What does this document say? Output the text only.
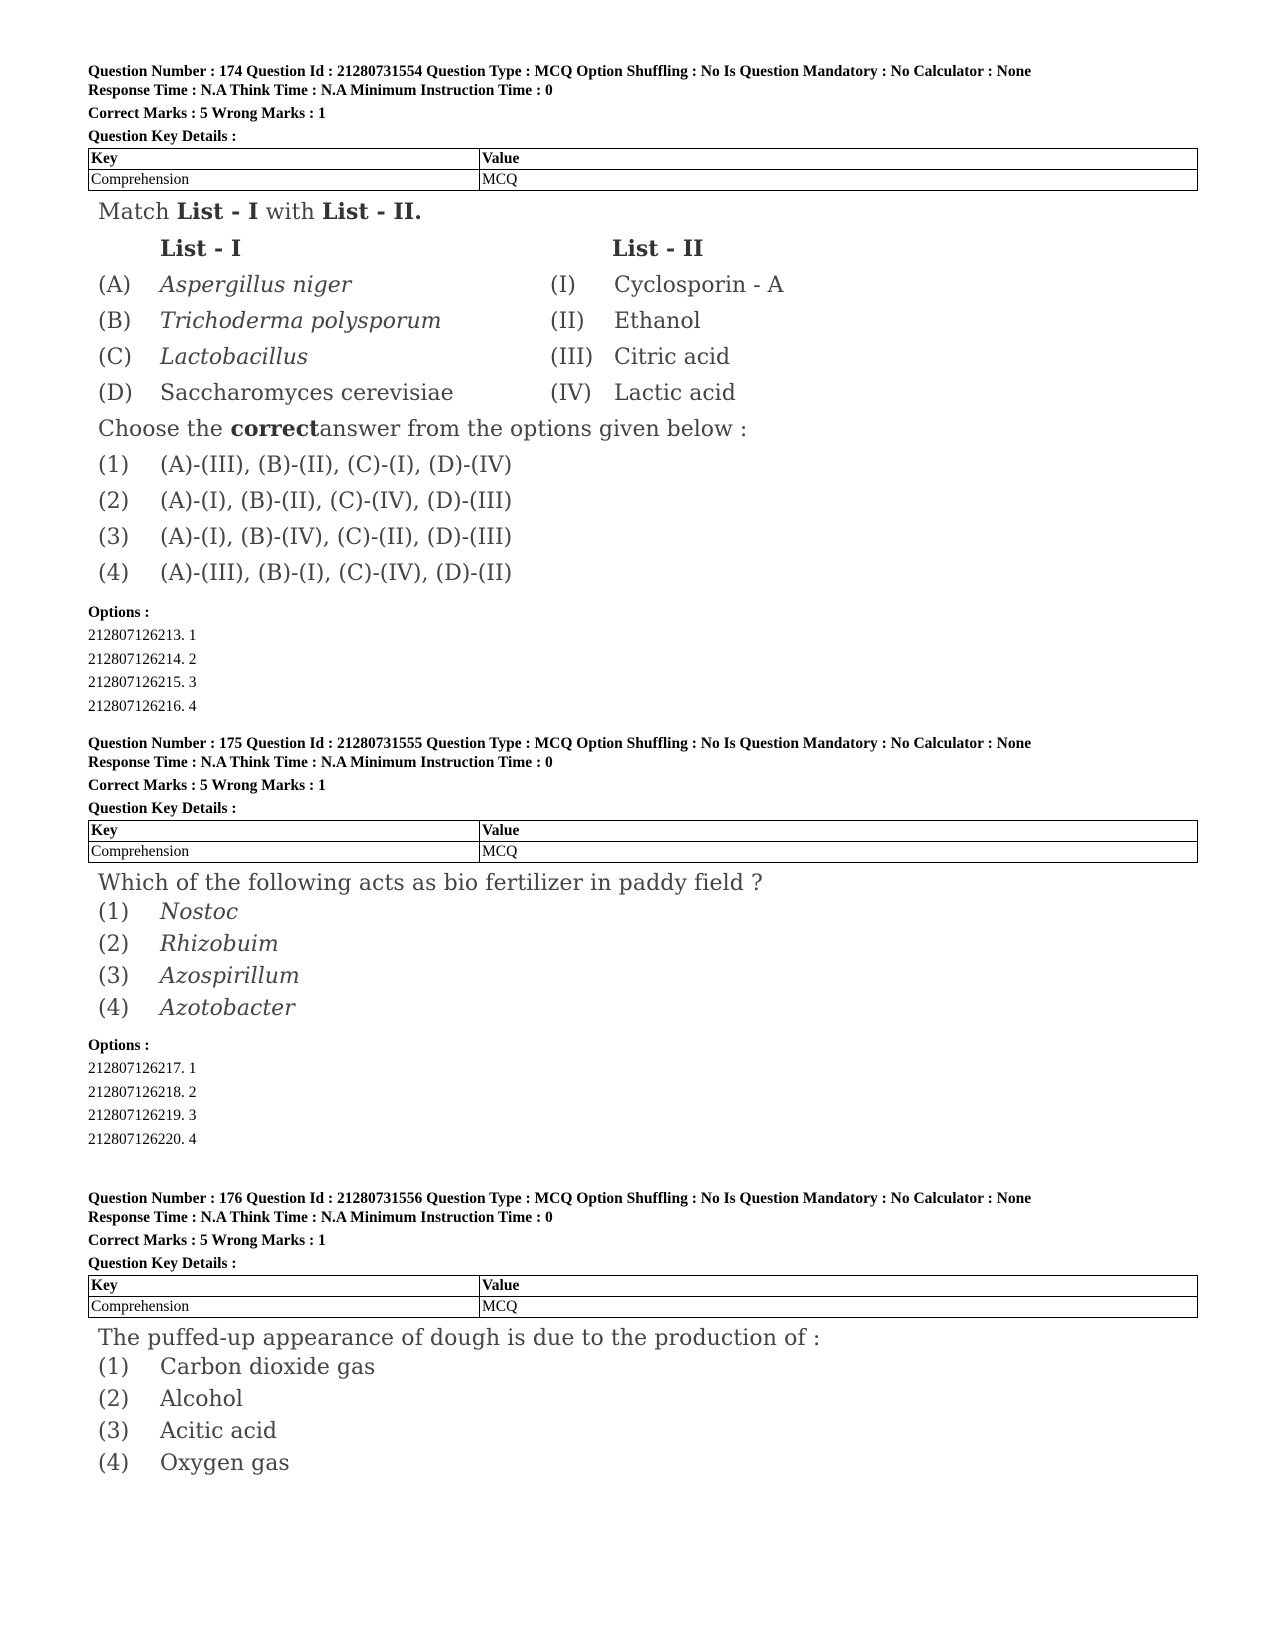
Question Number : 174 Question Id : 21280731554 Question Type : MCQ Option Shuffling : No Is Question Mandatory : No Calculator : None

Response Time : N.A Think Time : N.A Minimum Instruction Time : 0

Correct Marks : 5 Wrong Marks : 1

Question Key Details :

Key	Value
Comprehension	MCQ
Match List - I with List - II.
List - I	List - II
(A)	Aspergillus niger	(I)	Cyclosporin - A
(B)	Trichoderma polysporum	(II)	Ethanol
(C)	Lactobacillus	(III) Citric acid
(D)	Saccharomyces cerevisiae	(IV)	Lactic acid
Choose the
correct answer from the options given below :
(1)	(A)-(III), (B)-(II), (C)-(I), (D)-(IV)
(2)	(A)-(I), (B)-(II), (C)-(IV), (D)-(III)
(3)	(A)-(I), (B)-(IV), (C)-(II), (D)-(III)
(4)	(A)-(III), (B)-(I), (C)-(IV), (D)-(II)
Options :
212807126213. 1
212807126214. 2
212807126215. 3
212807126216. 4

Question Number : 175 Question Id : 21280731555 Question Type : MCQ Option Shuffling : No Is Question Mandatory : No Calculator : None

Response Time : N.A Think Time : N.A Minimum Instruction Time : 0

Correct Marks : 5 Wrong Marks : 1

Question Key Details :

Key	Value
Comprehension	MCQ
Which of the following acts as bio fertilizer in paddy field ?
(1)	Nostoc
(2)	Rhizobuim
(3)	Azospirillum
(4)	Azotobacter
Options :
212807126217. 1
212807126218. 2
212807126219. 3
212807126220. 4

Question Number : 176 Question Id : 21280731556 Question Type : MCQ Option Shuffling : No Is Question Mandatory : No Calculator : None

Response Time : N.A Think Time : N.A Minimum Instruction Time : 0

Correct Marks : 5 Wrong Marks : 1

Question Key Details :

Key	Value
Comprehension	MCQ
The puffed-up appearance of dough is due to the production of :
(1)	Carbon dioxide gas
(2)	Alcohol
(3)	Acitic acid
(4)	Oxygen gas
